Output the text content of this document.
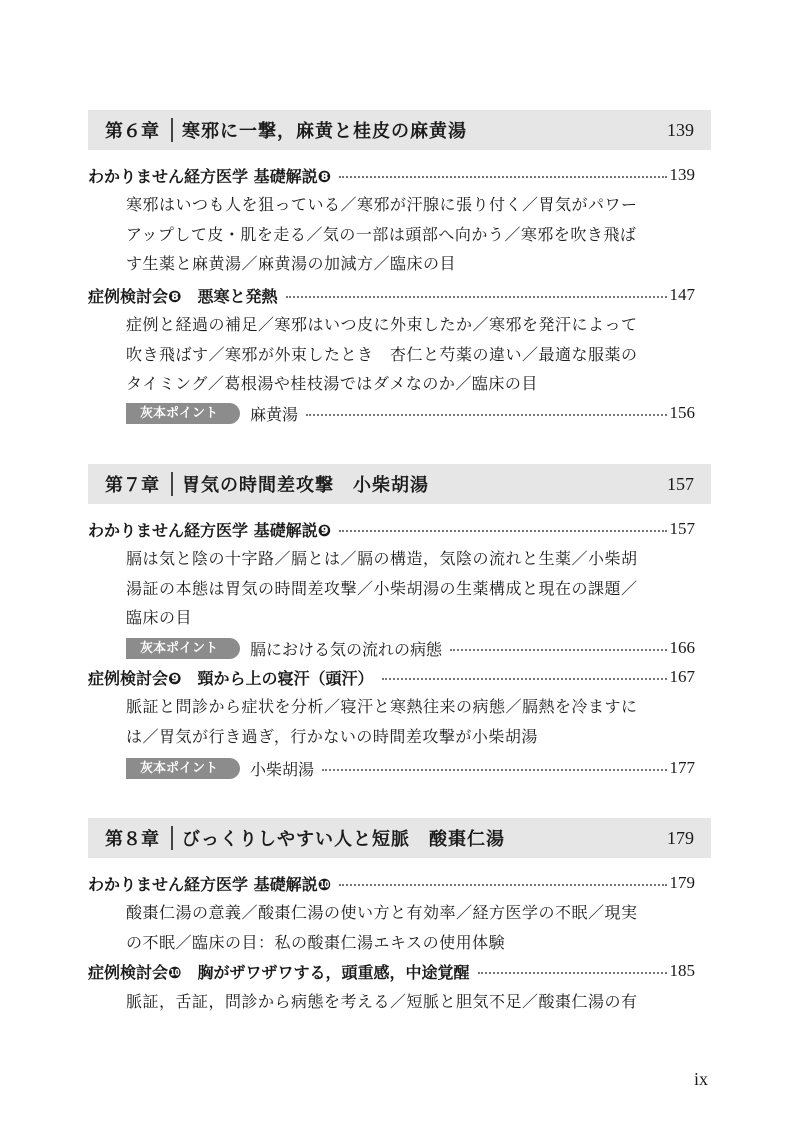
第６章 寒邪に一撃，麻黄と桂皮の麻黄湯	139
わかりません経方医学 基礎解説❽	139
寒邪はいつも人を狙っている／寒邪が汗腺に張り付く／胃気がパワー
アップして皮・肌を走る／気の一部は頭部へ向かう／寒邪を吹き飛ば
す生薬と麻黄湯／麻黄湯の加減方／臨床の目
症例検討会❽　悪寒と発熱	147
症例と経過の補足／寒邪はいつ皮に外束したか／寒邪を発汗によって
吹き飛ばす／寒邪が外束したとき　杏仁と芍薬の違い／最適な服薬の
タイミング／葛根湯や桂枝湯ではダメなのか／臨床の目
灰本ポイント	麻黄湯	156
第７章 胃気の時間差攻撃　小柴胡湯	157
わかりません経方医学 基礎解説❾	157
膈は気と陰の十字路／膈とは／膈の構造，気陰の流れと生薬／小柴胡
湯証の本態は胃気の時間差攻撃／小柴胡湯の生薬構成と現在の課題／
臨床の目
灰本ポイント	膈における気の流れの病態	166
症例検討会❾　頸から上の寝汗（頭汗）	167
脈証と問診から症状を分析／寝汗と寒熱往来の病態／膈熱を冷ますに
は／胃気が行き過ぎ，行かないの時間差攻撃が小柴胡湯
灰本ポイント	小柴胡湯	177
第８章 びっくりしやすい人と短脈　酸棗仁湯	179
わかりません経方医学 基礎解説❿	179
酸棗仁湯の意義／酸棗仁湯の使い方と有効率／経方医学の不眠／現実
の不眠／臨床の目：私の酸棗仁湯エキスの使用体験
症例検討会❿　胸がザワザワする，頭重感，中途覚醒	185
脈証，舌証，問診から病態を考える／短脈と胆気不足／酸棗仁湯の有
ix
